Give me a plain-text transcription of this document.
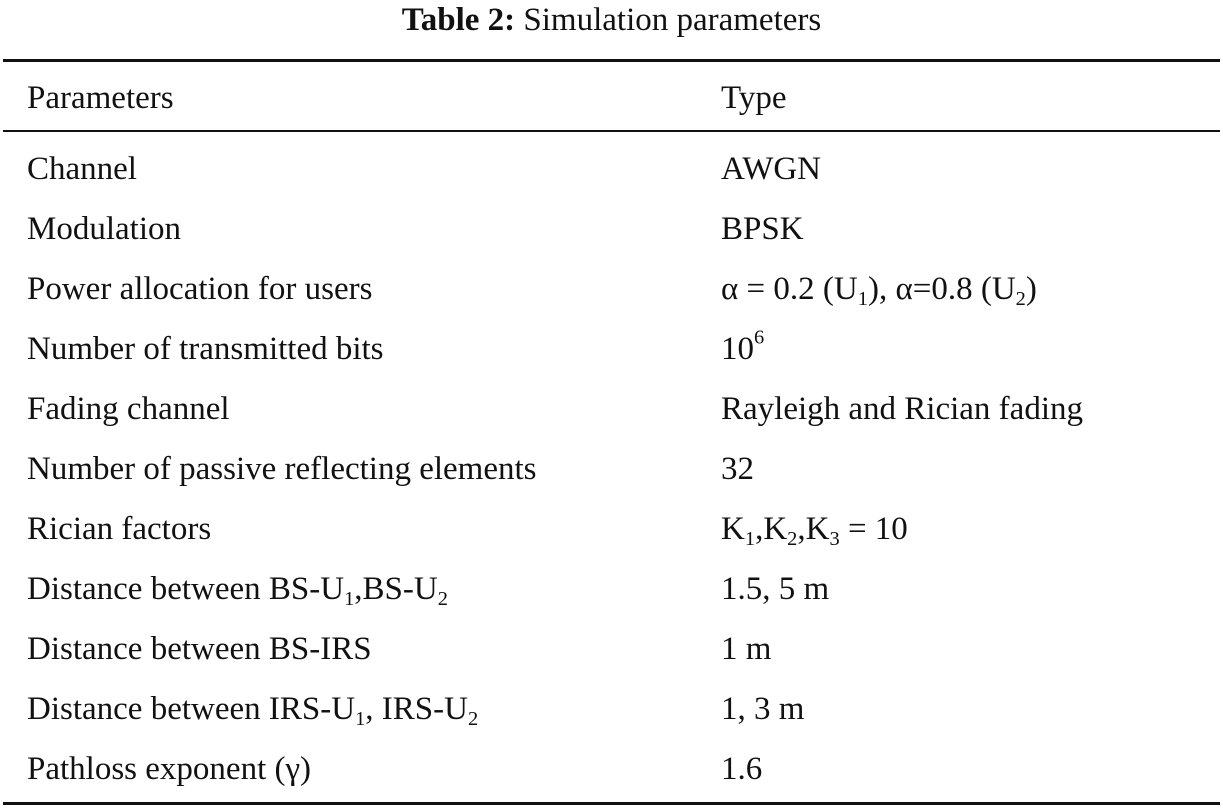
Table 2: Simulation parameters
Parameters	Type
Channel	AWGN
Modulation	BPSK
Power allocation for users	α = 0.2 $(U_1)$, α=0.8 $(U_2)$
Number of transmitted bits	$10^6$
Fading channel	Rayleigh and Rician fading
Number of passive reflecting elements	32
Rician factors	$K_1,K_2,K_3 = 10$
Distance between $BS-U_1,BS-U_2$	1.5, 5 m
Distance between BS-IRS	1 m
Distance between IRS-$U_1$, IRS-$U_2$	1, 3 m
Pathloss exponent (γ)	1.6
